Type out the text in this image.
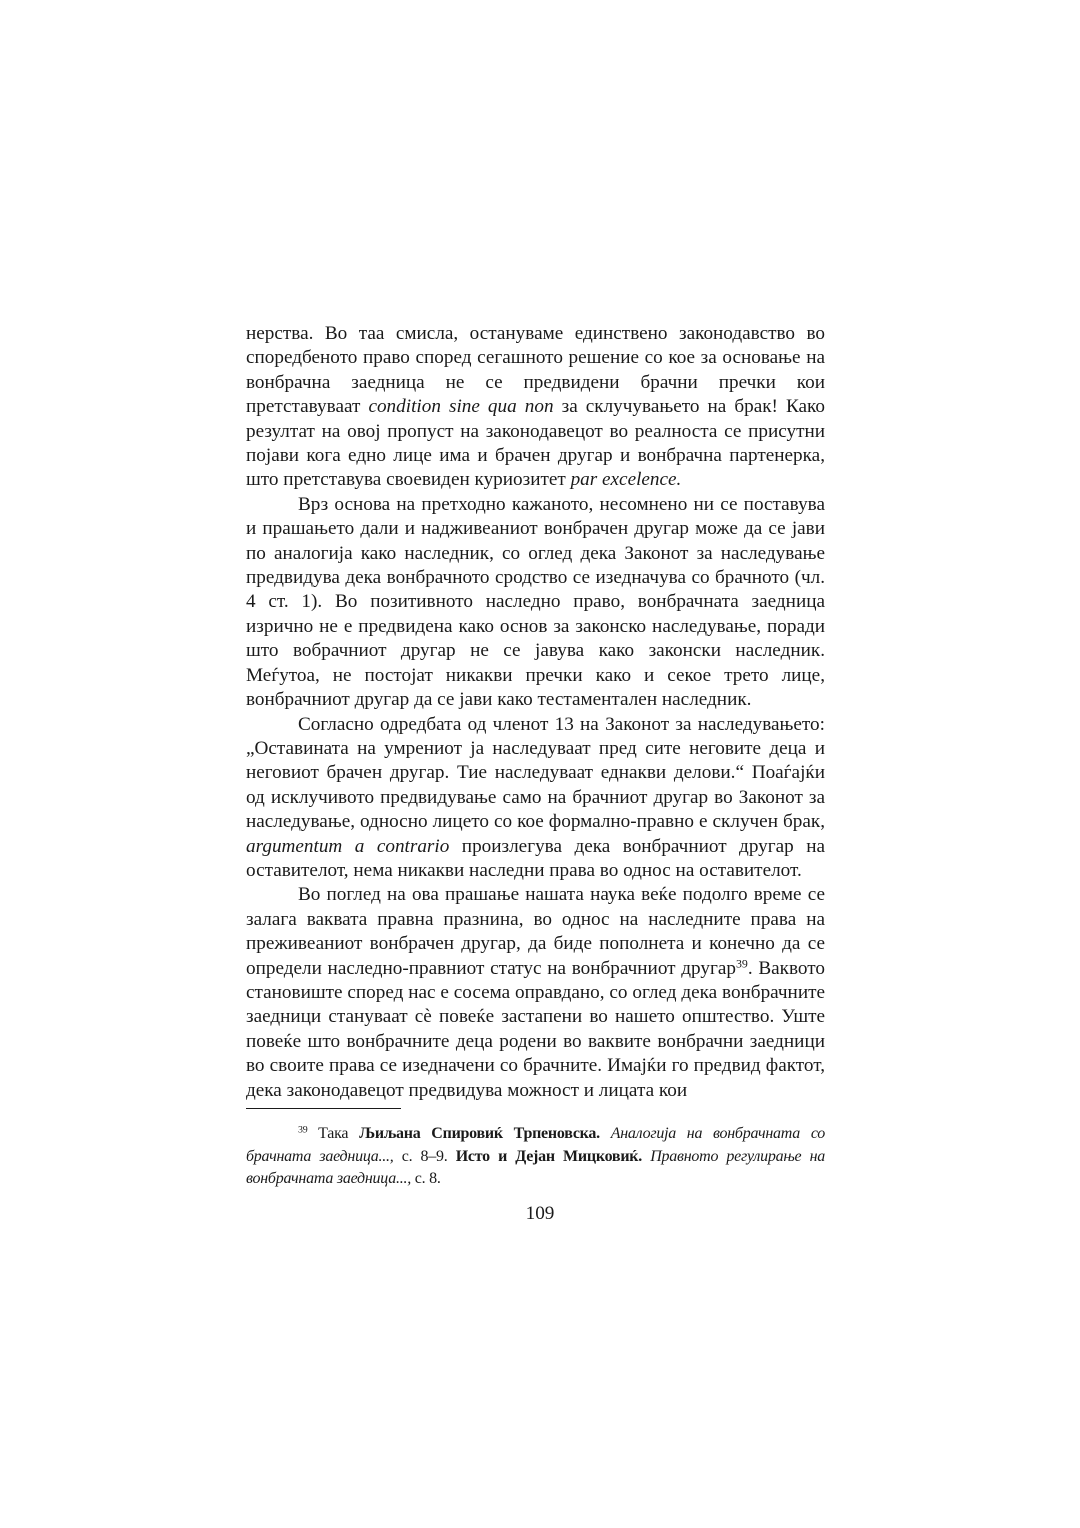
нерства. Во таа смисла, остануваме единствено законодавство во споредбеното право според сегашното решение со кое за основање на вонбрачна заедница не се предвидени брачни пречки кои претставуваат condition sine qua non за склучувањето на брак! Како резултат на овој пропуст на законодавецот во реалноста се присутни појави кога едно лице има и брачен другар и вонбрачна партенерка, што претставува своевиден куриозитет par excelence.

Врз основа на претходно кажаното, несомнено ни се поставува и прашањето дали и надживеаниот вонбрачен другар може да се јави по аналогија како наследник, со оглед дека Законот за наследување предвидува дека вонбрачното сродство се изедначува со брачното (чл. 4 ст. 1). Во позитивното наследно право, вонбрачната заедница изрично не е предвидена како основ за законско наследување, поради што вобрачниот другар не се јавува како законски наследник. Меѓутоа, не постојат никакви пречки како и секое трето лице, вонбрачниот другар да се јави како тестаментален наследник.

Согласно одредбата од членот 13 на Законот за наследувањето: „Оставината на умрениот ја наследуваат пред сите неговите деца и неговиот брачен другар. Тие наследуваат еднакви делови.“ Поаѓајќи од исклучивото предвидување само на брачниот другар во Законот за наследување, односно лицето со кое формално-правно е склучен брак, argumentum a contrario произлегува дека вонбрачниот другар на оставителот, нема никакви наследни права во однос на оставителот.

Во поглед на ова прашање нашата наука веќе подолго време се залага ваквата правна празнина, во однос на наследните права на преживеаниот вонбрачен другар, да биде пополнета и конечно да се определи наследно-правниот статус на вонбрачниот другар$^{39}$. Ваквото становиште според нас е сосема оправдано, со оглед дека вонбрачните заедници стануваат сѐ повеќе застапени во нашето општество. Уште повеќе што вонбрачните деца родени во ваквите вонбрачни заедници во своите права се изедначени со брачните. Имајќи го предвид фактот, дека законодавецот предвидува можност и лицата кои

$^{39}$ Така Љиљана Спировиќ Трпеновска. Аналогија на вонбрачната со брачната заедница..., с. 8–9. Исто и Дејан Мицковиќ. Правното регулирање на вонбрачната заедница..., с. 8.
109
